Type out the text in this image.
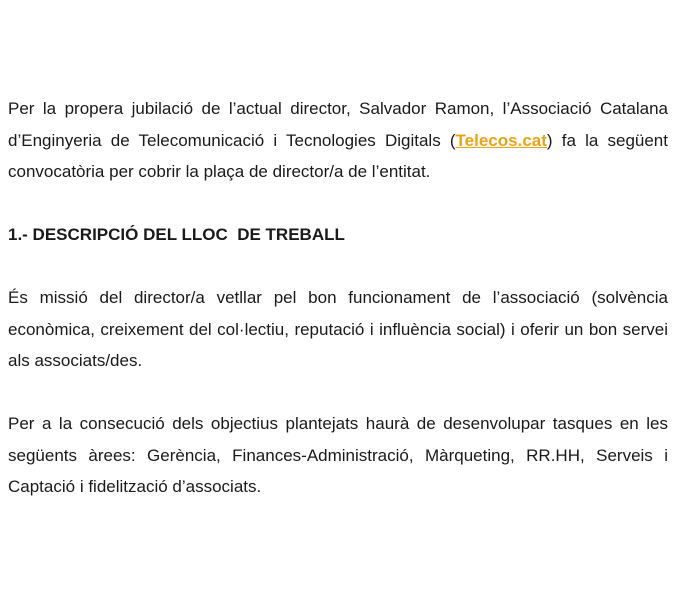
Per la propera jubilació de l’actual director, Salvador Ramon, l’Associació Catalana d’Enginyeria de Telecomunicació i Tecnologies Digitals (Telecos.cat) fa la següent convocatòria per cobrir la plaça de director/a de l’entitat.

1.- DESCRIPCIÓ DEL LLOC  DE TREBALL

És missió del director/a vetllar pel bon funcionament de l’associació (solvència econòmica, creixement del col·lectiu, reputació i influència social) i oferir un bon servei als associats/des.

Per a la consecució dels objectius plantejats haurà de desenvolupar tasques en les següents àrees: Gerència, Finances-Administració, Màrqueting, RR.HH, Serveis i Captació i fidelització d’associats.
